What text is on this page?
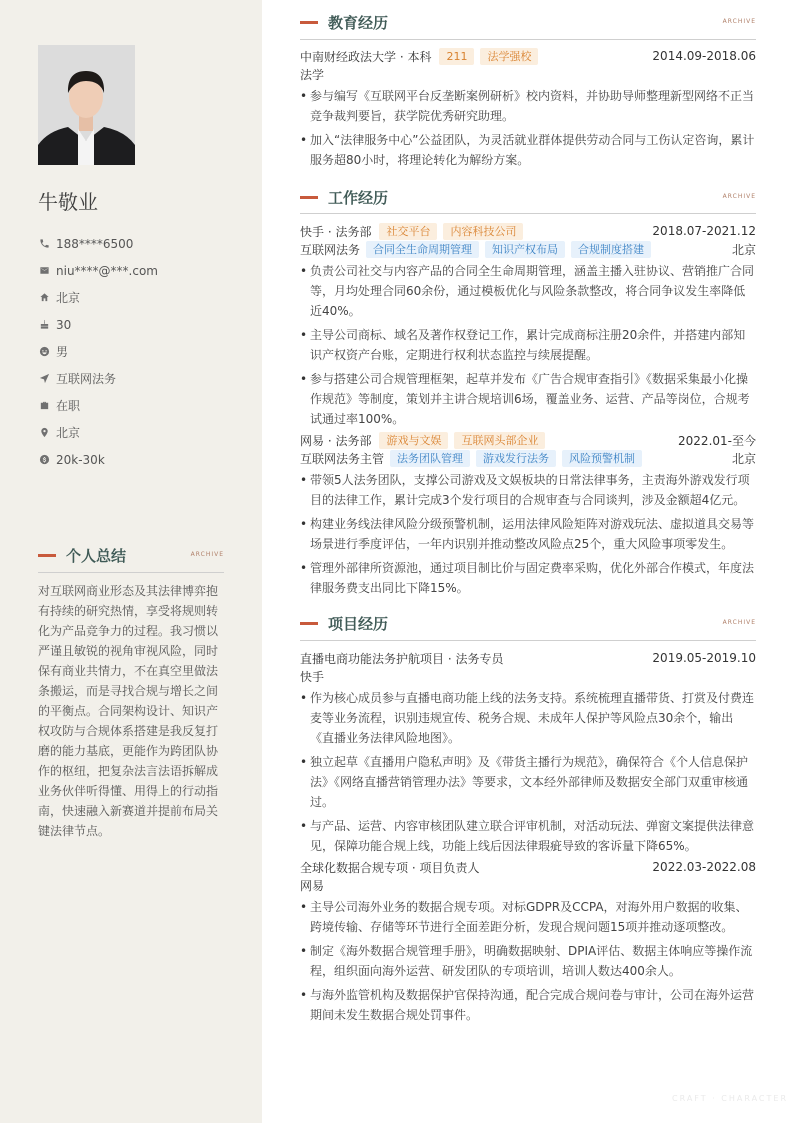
牛敬业
188****6500
niu****@***.com
北京
30
男
互联网法务
在职
北京
20k-30k
个人总结	ARCHIVE

对互联网商业形态及其法律博弈抱有持续的研究热情，享受将规则转化为产品竞争力的过程。我习惯以严谨且敏锐的视角审视风险，同时保有商业共情力，不在真空里做法条搬运，而是寻找合规与增长之间的平衡点。合同架构设计、知识产权攻防与合规体系搭建是我反复打磨的能力基底，更能作为跨团队协作的枢纽，把复杂法言法语拆解成业务伙伴听得懂、用得上的行动指南，快速融入新赛道并提前布局关键法律节点。

教育经历	ARCHIVE
中南财经政法大学 · 本科	211	法学强校	2014.09-2018.06
法学
• 参与编写《互联网平台反垄断案例研析》校内资料，并协助导师整理新型网络不正当竞争裁判要旨，获学院优秀研究助理。
• 加入“法律服务中心”公益团队，为灵活就业群体提供劳动合同与工伤认定咨询，累计服务超80小时，将理论转化为解纷方案。
工作经历	ARCHIVE
快手 · 法务部	社交平台	内容科技公司	2018.07-2021.12
互联网法务	合同全生命周期管理	知识产权布局	合规制度搭建	北京
• 负责公司社交与内容产品的合同全生命周期管理，涵盖主播入驻协议、营销推广合同等，月均处理合同60余份，通过模板优化与风险条款整改，将合同争议发生率降低近40%。
• 主导公司商标、域名及著作权登记工作，累计完成商标注册20余件，并搭建内部知识产权资产台账，定期进行权利状态监控与续展提醒。
• 参与搭建公司合规管理框架，起草并发布《广告合规审查指引》《数据采集最小化操作规范》等制度，策划并主讲合规培训6场，覆盖业务、运营、产品等岗位，合规考试通过率100%。
网易 · 法务部	游戏与文娱	互联网头部企业	2022.01-至今
互联网法务主管	法务团队管理	游戏发行法务	风险预警机制	北京
• 带领5人法务团队，支撑公司游戏及文娱板块的日常法律事务，主责海外游戏发行项目的法律工作，累计完成3个发行项目的合规审查与合同谈判，涉及金额超4亿元。
• 构建业务线法律风险分级预警机制，运用法律风险矩阵对游戏玩法、虚拟道具交易等场景进行季度评估，一年内识别并推动整改风险点25个，重大风险事项零发生。
• 管理外部律所资源池，通过项目制比价与固定费率采购，优化外部合作模式，年度法律服务费支出同比下降15%。
项目经历	ARCHIVE
直播电商功能法务护航项目 · 法务专员	2019.05-2019.10
快手
• 作为核心成员参与直播电商功能上线的法务支持。系统梳理直播带货、打赏及付费连麦等业务流程，识别违规宣传、税务合规、未成年人保护等风险点30余个，输出《直播业务法律风险地图》。
• 独立起草《直播用户隐私声明》及《带货主播行为规范》，确保符合《个人信息保护法》《网络直播营销管理办法》等要求，文本经外部律师及数据安全部门双重审核通过。
• 与产品、运营、内容审核团队建立联合评审机制，对活动玩法、弹窗文案提供法律意见，保障功能合规上线，功能上线后因法律瑕疵导致的客诉量下降65%。
全球化数据合规专项 · 项目负责人	2022.03-2022.08
网易
• 主导公司海外业务的数据合规专项。对标GDPR及CCPA，对海外用户数据的收集、跨境传输、存储等环节进行全面差距分析，发现合规问题15项并推动逐项整改。
• 制定《海外数据合规管理手册》，明确数据映射、DPIA评估、数据主体响应等操作流程，组织面向海外运营、研发团队的专项培训，培训人数达400余人。
• 与海外监管机构及数据保护官保持沟通，配合完成合规问卷与审计，公司在海外运营期间未发生数据合规处罚事件。
CRAFT · CHARACTER
